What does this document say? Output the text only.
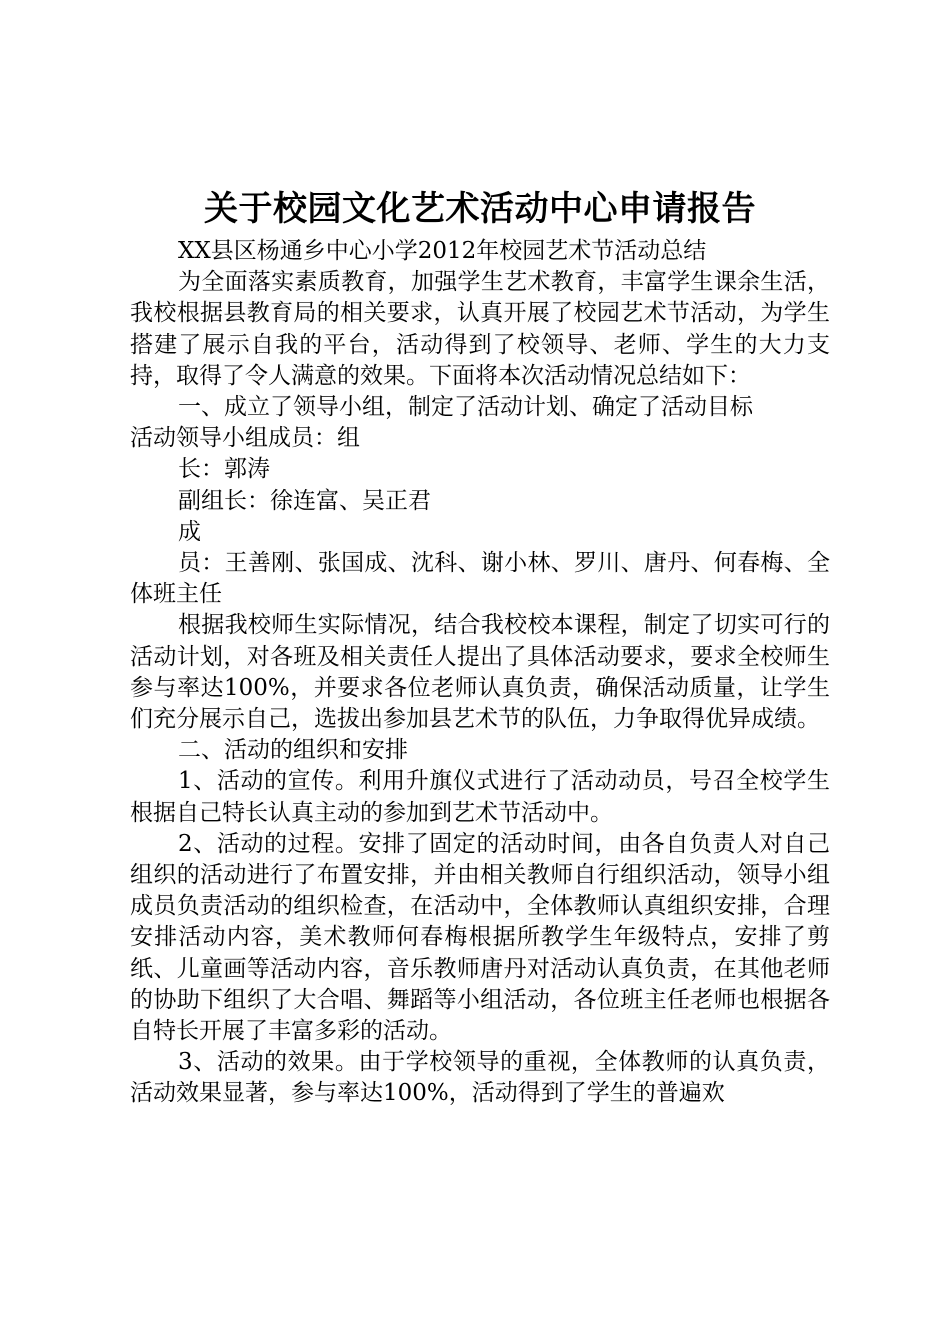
关于校园文化艺术活动中心申请报告

XX县区杨通乡中心小学2012年校园艺术节活动总结

为全面落实素质教育，加强学生艺术教育，丰富学生课余生活，我校根据县教育局的相关要求，认真开展了校园艺术节活动，为学生搭建了展示自我的平台，活动得到了校领导、老师、学生的大力支持，取得了令人满意的效果。下面将本次活动情况总结如下：

一、成立了领导小组，制定了活动计划、确定了活动目标

活动领导小组成员：组

长：郭涛

副组长：徐连富、吴正君

成

员：王善刚、张国成、沈科、谢小林、罗川、唐丹、何春梅、全体班主任

根据我校师生实际情况，结合我校校本课程，制定了切实可行的活动计划，对各班及相关责任人提出了具体活动要求，要求全校师生参与率达100%，并要求各位老师认真负责，确保活动质量，让学生们充分展示自己，选拔出参加县艺术节的队伍，力争取得优异成绩。

二、活动的组织和安排

1、活动的宣传。利用升旗仪式进行了活动动员，号召全校学生根据自己特长认真主动的参加到艺术节活动中。

2、活动的过程。安排了固定的活动时间，由各自负责人对自己组织的活动进行了布置安排，并由相关教师自行组织活动，领导小组成员负责活动的组织检查，在活动中，全体教师认真组织安排，合理安排活动内容，美术教师何春梅根据所教学生年级特点，安排了剪纸、儿童画等活动内容，音乐教师唐丹对活动认真负责，在其他老师的协助下组织了大合唱、舞蹈等小组活动，各位班主任老师也根据各自特长开展了丰富多彩的活动。

3、活动的效果。由于学校领导的重视，全体教师的认真负责，活动效果显著，参与率达100%，活动得到了学生的普遍欢
